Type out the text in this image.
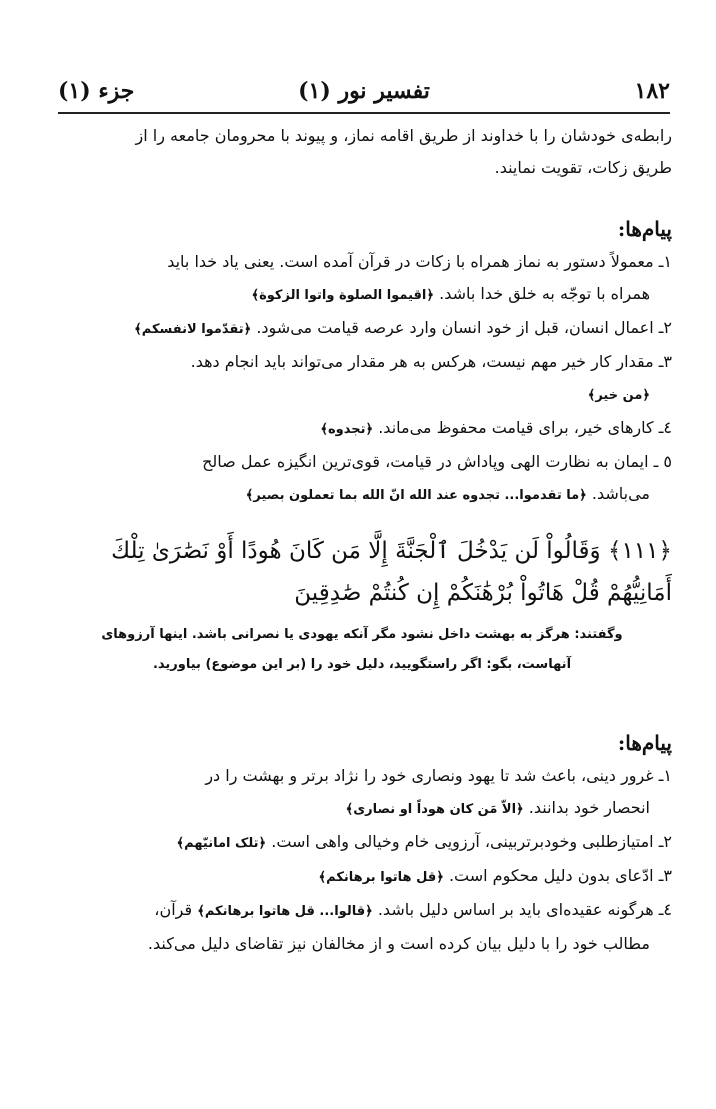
۱۸۲
تفسیر نور (۱)
جزء (۱)

رابطه‌ی خودشان را با خداوند از طریق اقامه نماز، و پیوند با محرومان جامعه را از
طریق زکات، تقویت نمایند.

پیام‌ها:

۱ـ معمولاً دستور به نماز همراه با زکات در قرآن آمده است. یعنی یاد خدا باید
همراه با توجّه به خلق خدا باشد. ﴿اقیموا الصلوة واتوا الزکوة﴾

۲ـ اعمال انسان، قبل از خود انسان وارد عرصه قیامت می‌شود. ﴿تقدّموا لانفسکم﴾

۳ـ مقدار کار خیر مهم نیست، هرکس به هر مقدار می‌تواند باید انجام دهد.
﴿من خیر﴾

٤ـ کارهای خیر، برای قیامت محفوظ می‌ماند. ﴿تجدوه﴾

٥ ـ ایمان به نظارت الهی وپاداش در قیامت، قوی‌ترین انگیزه عمل صالح
می‌باشد. ﴿ما تقدموا... تجدوه عند الله انّ الله بما تعملون بصیر﴾

﴿۱۱۱﴾ وَقَالُواْ لَن يَدْخُلَ ٱلْجَنَّةَ إِلَّا مَن كَانَ هُودًا أَوْ نَصَٰرَىٰ تِلْكَ
أَمَانِيُّهُمْ قُلْ هَاتُواْ بُرْهَٰنَكُمْ إِن كُنتُمْ صَٰدِقِينَ
وگفتند: هرگز به بهشت داخل نشود مگر آنکه یهودی یا نصرانی باشد. اینها آرزوهای
آنهاست، بگو: اگر راستگویید، دلیل خود را (بر این موضوع) بیاورید.
پیام‌ها:

۱ـ غرور دینی، باعث شد تا یهود ونصاری خود را نژاد برتر و بهشت را در
انحصار خود بدانند. ﴿الاّ مَن کان هوداً او نصاری﴾

۲ـ امتیازطلبی وخودبرتربینی، آرزویی خام وخیالی واهی است. ﴿تلک امانیّهم﴾

۳ـ ادّعای بدون دلیل محکوم است. ﴿قل هاتوا برهانکم﴾

٤ـ هرگونه عقیده‌ای باید بر اساس دلیل باشد. ﴿قالوا... قل هاتوا برهانکم﴾ قرآن،
مطالب خود را با دلیل بیان کرده است و از مخالفان نیز تقاضای دلیل می‌کند.
